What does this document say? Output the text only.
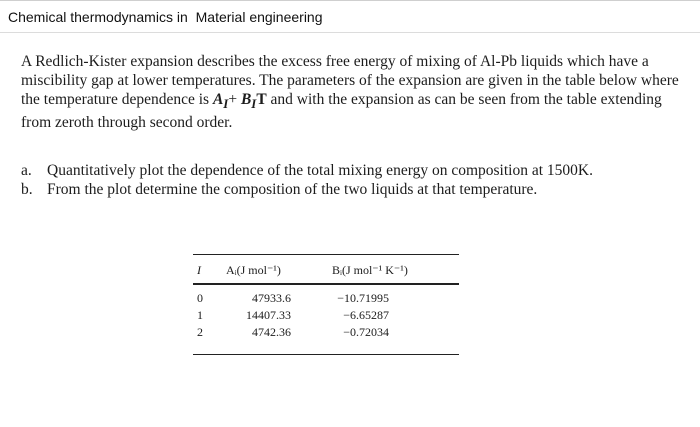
Chemical thermodynamics in Material engineering

A Redlich-Kister expansion describes the excess free energy of mixing of Al-Pb liquids which have a miscibility gap at lower temperatures. The parameters of the expansion are given in the table below where the temperature dependence is $A_I+ B_IT$ and with the expansion as can be seen from the table extending from zeroth through second order.

a. Quantitatively plot the dependence of the total mixing energy on composition at 1500K.
b. From the plot determine the composition of the two liquids at that temperature.
I	Aᵢ(J mol⁻¹)	Bᵢ(J mol⁻¹ K⁻¹)
0	47933.6	−10.71995
1	14407.33	−6.65287
2	4742.36	−0.72034
